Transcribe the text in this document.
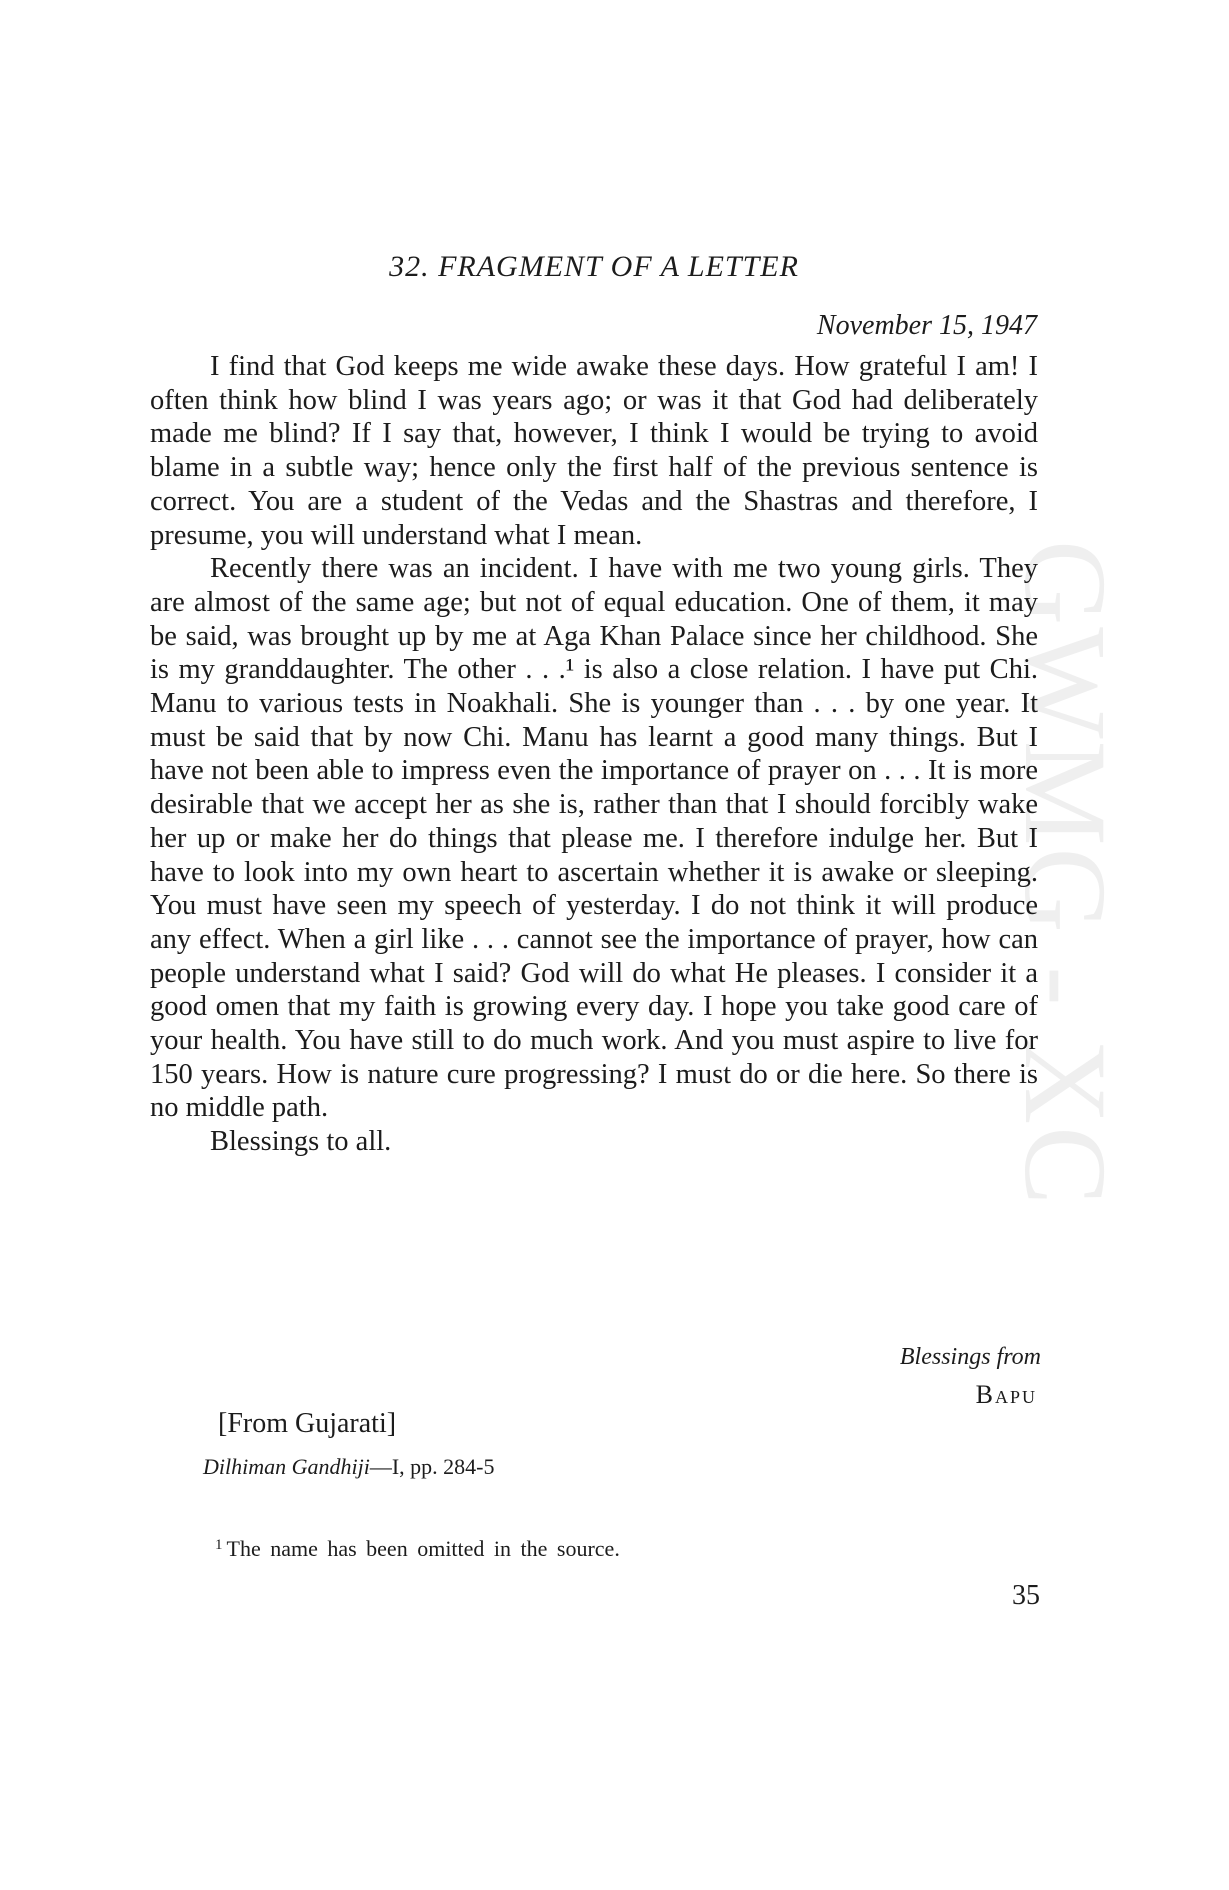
GWMG - XC
32. FRAGMENT OF A LETTER
November 15, 1947

I find that God keeps me wide awake these days. How grateful I am! I often think how blind I was years ago; or was it that God had deliberately made me blind? If I say that, however, I think I would be trying to avoid blame in a subtle way; hence only the first half of the previous sentence is correct. You are a student of the Vedas and the Shastras and therefore, I presume, you will understand what I mean.

Recently there was an incident. I have with me two young girls. They are almost of the same age; but not of equal education. One of them, it may be said, was brought up by me at Aga Khan Palace since her childhood. She is my granddaughter. The other . . .¹ is also a close relation. I have put Chi. Manu to various tests in Noakhali. She is younger than . . . by one year. It must be said that by now Chi. Manu has learnt a good many things. But I have not been able to impress even the importance of prayer on . . . It is more desirable that we accept her as she is, rather than that I should forcibly wake her up or make her do things that please me. I therefore indulge her. But I have to look into my own heart to ascertain whether it is awake or sleeping. You must have seen my speech of yesterday. I do not think it will produce any effect. When a girl like . . . cannot see the importance of prayer, how can people understand what I said? God will do what He pleases. I consider it a good omen that my faith is growing every day. I hope you take good care of your health. You have still to do much work. And you must aspire to live for 150 years. How is nature cure progressing? I must do or die here. So there is no middle path.

Blessings to all.

Blessings from
Bapu
[From Gujarati]
Dilhiman Gandhiji—I, pp. 284-5
$^1$ The name has been omitted in the source.
35
